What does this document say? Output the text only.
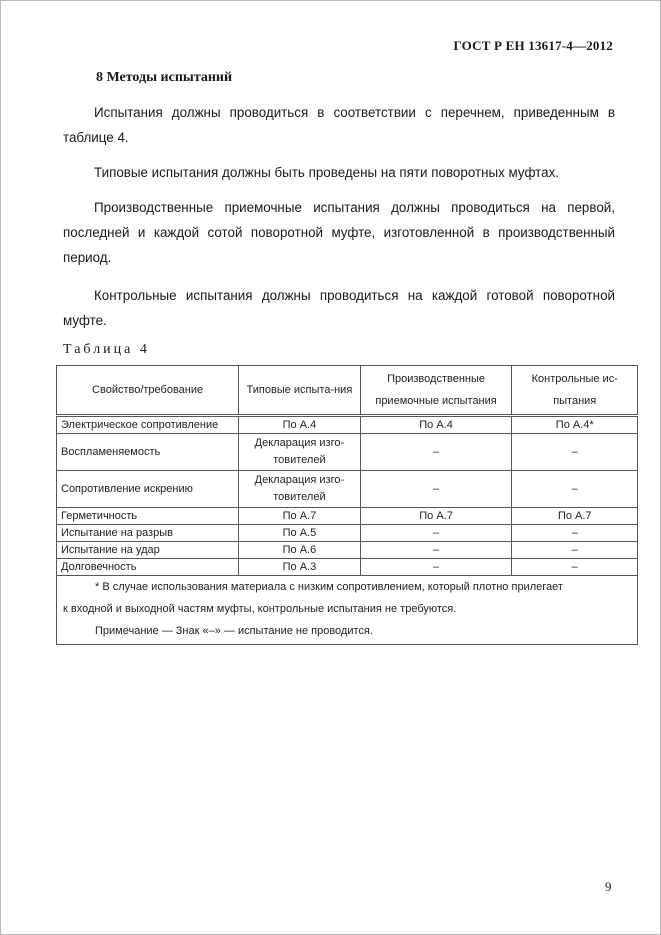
ГОСТ Р ЕН 13617-4—2012
8 Методы испытаний
Испытания должны проводиться в соответствии с перечнем, приведенным в таблице 4.
Типовые испытания должны быть проведены на пяти поворотных муфтах.
Производственные приемочные испытания должны проводиться на первой, последней и каждой сотой поворотной муфте, изготовленной в производственный период.
Контрольные испытания должны проводиться на каждой готовой поворотной муфте.
Таблица 4
Свойство/требование	Типовые испыта-ния	Производственные приемочные испытания	Контрольные ис-пытания
Электрическое сопротивление	По А.4	По А.4	По А.4*
Воспламеняемость	Декларация изго-товителей	–	–
Сопротивление искрению	Декларация изго-товителей	–	–
Герметичность	По А.7	По А.7	По А.7
Испытание на разрыв	По А.5	–	–
Испытание на удар	По А.6	–	–
Долговечность	По А.3	–	–

* В случае использования материала с низким сопротивлением, который плотно прилегает
к входной и выходной частям муфты, контрольные испытания не требуются.
Примечание — Знак «–» — испытание не проводится.			
9
